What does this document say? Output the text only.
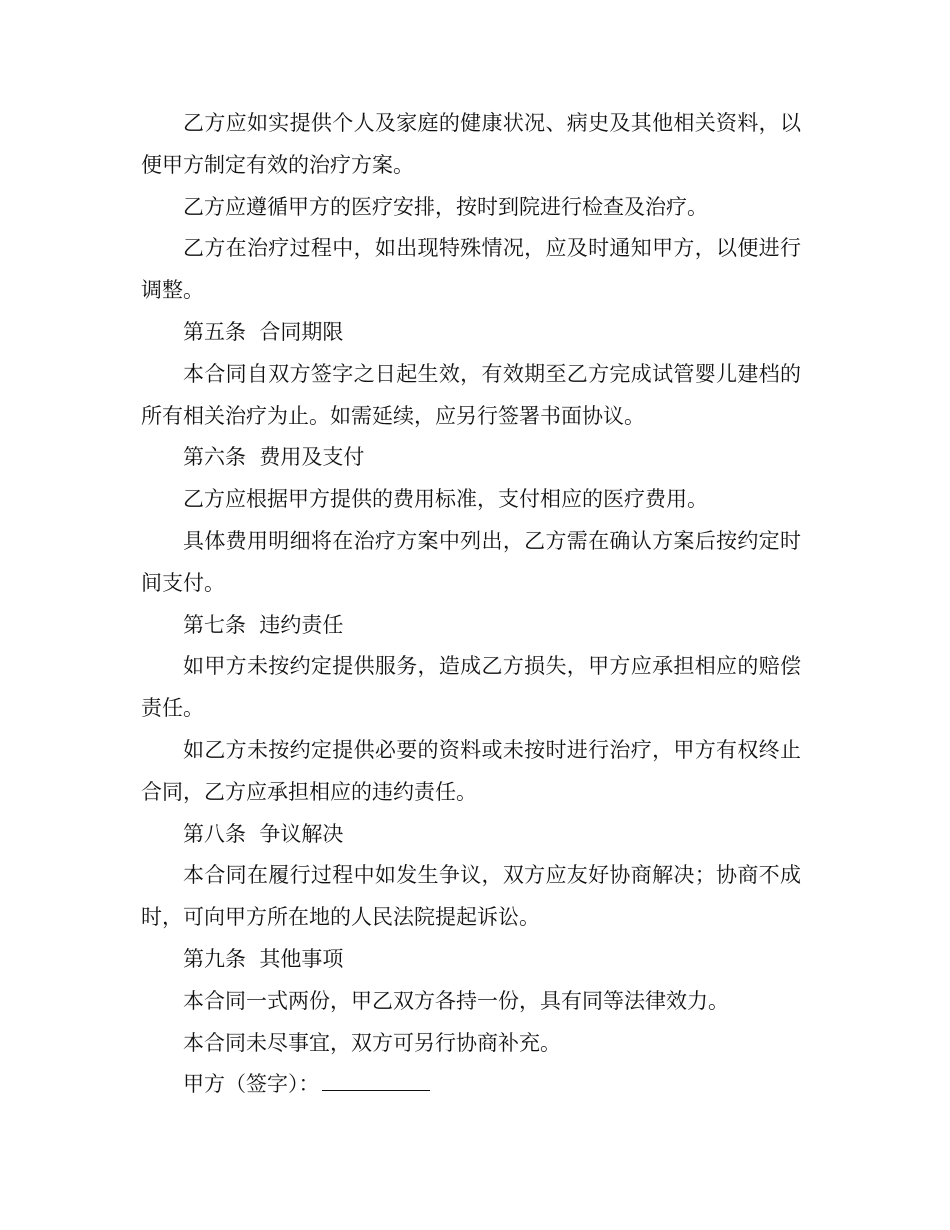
乙方应如实提供个人及家庭的健康状况、病史及其他相关资料，以便甲方制定有效的治疗方案。

乙方应遵循甲方的医疗安排，按时到院进行检查及治疗。

乙方在治疗过程中，如出现特殊情况，应及时通知甲方，以便进行调整。

第五条  合同期限

本合同自双方签字之日起生效，有效期至乙方完成试管婴儿建档的所有相关治疗为止。如需延续，应另行签署书面协议。

第六条  费用及支付

乙方应根据甲方提供的费用标准，支付相应的医疗费用。

具体费用明细将在治疗方案中列出，乙方需在确认方案后按约定时间支付。

第七条  违约责任

如甲方未按约定提供服务，造成乙方损失，甲方应承担相应的赔偿责任。

如乙方未按约定提供必要的资料或未按时进行治疗，甲方有权终止合同，乙方应承担相应的违约责任。

第八条  争议解决

本合同在履行过程中如发生争议，双方应友好协商解决；协商不成时，可向甲方所在地的人民法院提起诉讼。

第九条  其他事项

本合同一式两份，甲乙双方各持一份，具有同等法律效力。

本合同未尽事宜，双方可另行协商补充。

甲方（签字）：
